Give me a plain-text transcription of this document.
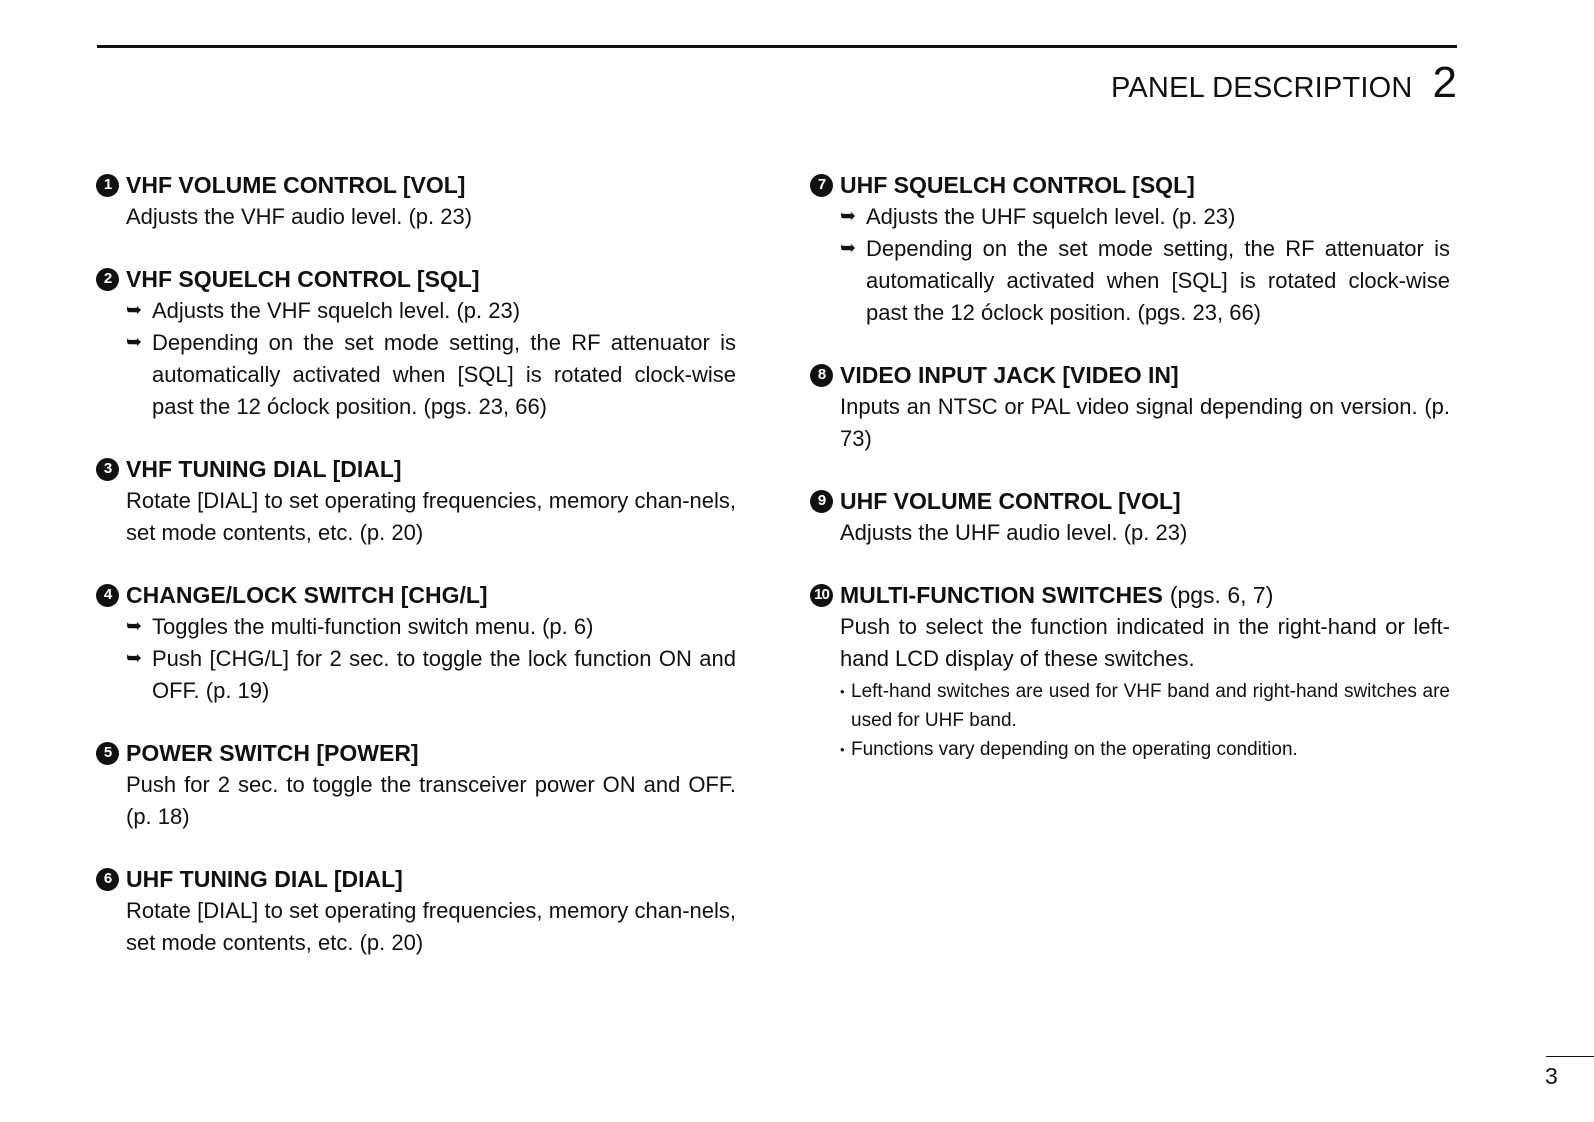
PANEL DESCRIPTION 2
1 VHF VOLUME CONTROL [VOL]
Adjusts the VHF audio level. (p. 23)
2 VHF SQUELCH CONTROL [SQL]
➥ Adjusts the VHF squelch level. (p. 23)
➥ Depending on the set mode setting, the RF attenuator is automatically activated when [SQL] is rotated clock-wise past the 12 óclock position. (pgs. 23, 66)
3 VHF TUNING DIAL [DIAL]
Rotate [DIAL] to set operating frequencies, memory chan-nels, set mode contents, etc. (p. 20)
4 CHANGE/LOCK SWITCH [CHG/L]
➥ Toggles the multi-function switch menu. (p. 6)
➥ Push [CHG/L] for 2 sec. to toggle the lock function ON and OFF. (p. 19)
5 POWER SWITCH [POWER]
Push for 2 sec. to toggle the transceiver power ON and OFF. (p. 18)
6 UHF TUNING DIAL [DIAL]
Rotate [DIAL] to set operating frequencies, memory chan-nels, set mode contents, etc. (p. 20)
7 UHF SQUELCH CONTROL [SQL]
➥ Adjusts the UHF squelch level. (p. 23)
➥ Depending on the set mode setting, the RF attenuator is automatically activated when [SQL] is rotated clock-wise past the 12 óclock position. (pgs. 23, 66)
8 VIDEO INPUT JACK [VIDEO IN]
Inputs an NTSC or PAL video signal depending on version. (p. 73)
9 UHF VOLUME CONTROL [VOL]
Adjusts the UHF audio level. (p. 23)
10 MULTI-FUNCTION SWITCHES (pgs. 6, 7)
Push to select the function indicated in the right-hand or left-hand LCD display of these switches.
• Left-hand switches are used for VHF band and right-hand switches are used for UHF band.
• Functions vary depending on the operating condition.
3
